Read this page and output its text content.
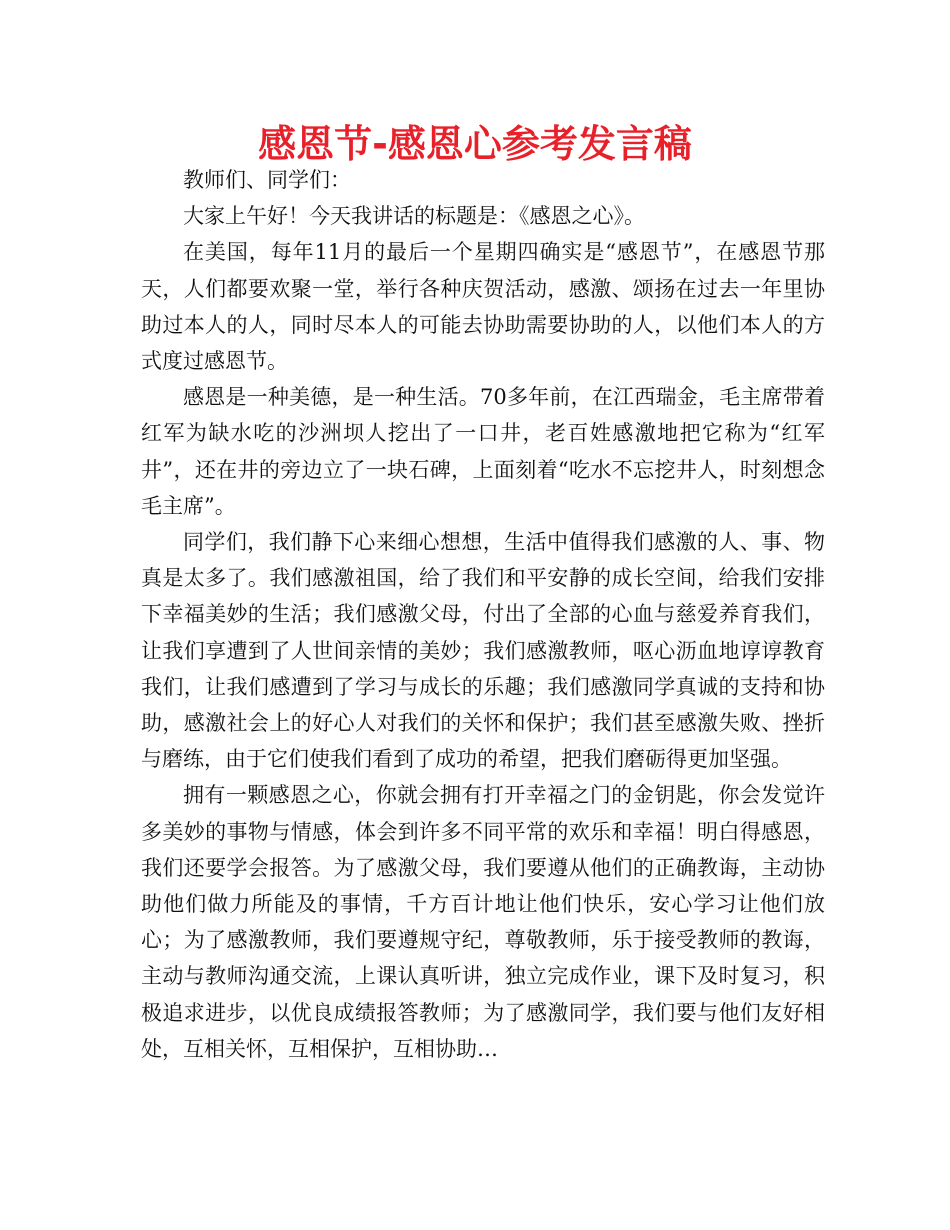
感恩节-感恩心参考发言稿

教师们、同学们：

大家上午好！今天我讲话的标题是：《感恩之心》。

在美国，每年11月的最后一个星期四确实是“感恩节”，在感恩节那天，人们都要欢聚一堂，举行各种庆贺活动，感激、颂扬在过去一年里协助过本人的人，同时尽本人的可能去协助需要协助的人，以他们本人的方式度过感恩节。

感恩是一种美德，是一种生活。70多年前，在江西瑞金，毛主席带着红军为缺水吃的沙洲坝人挖出了一口井，老百姓感激地把它称为“红军井”，还在井的旁边立了一块石碑，上面刻着“吃水不忘挖井人，时刻想念毛主席”。

同学们，我们静下心来细心想想，生活中值得我们感激的人、事、物真是太多了。我们感激祖国，给了我们和平安静的成长空间，给我们安排下幸福美妙的生活；我们感激父母，付出了全部的心血与慈爱养育我们，让我们享遭到了人世间亲情的美妙；我们感激教师，呕心沥血地谆谆教育我们，让我们感遭到了学习与成长的乐趣；我们感激同学真诚的支持和协助，感激社会上的好心人对我们的关怀和保护；我们甚至感激失败、挫折与磨练，由于它们使我们看到了成功的希望，把我们磨砺得更加坚强。

拥有一颗感恩之心，你就会拥有打开幸福之门的金钥匙，你会发觉许多美妙的事物与情感，体会到许多不同平常的欢乐和幸福！明白得感恩，我们还要学会报答。为了感激父母，我们要遵从他们的正确教诲，主动协助他们做力所能及的事情，千方百计地让他们快乐，安心学习让他们放心；为了感激教师，我们要遵规守纪，尊敬教师，乐于接受教师的教诲，主动与教师沟通交流，上课认真听讲，独立完成作业，课下及时复习，积极追求进步，以优良成绩报答教师；为了感激同学，我们要与他们友好相处，互相关怀，互相保护，互相协助…
